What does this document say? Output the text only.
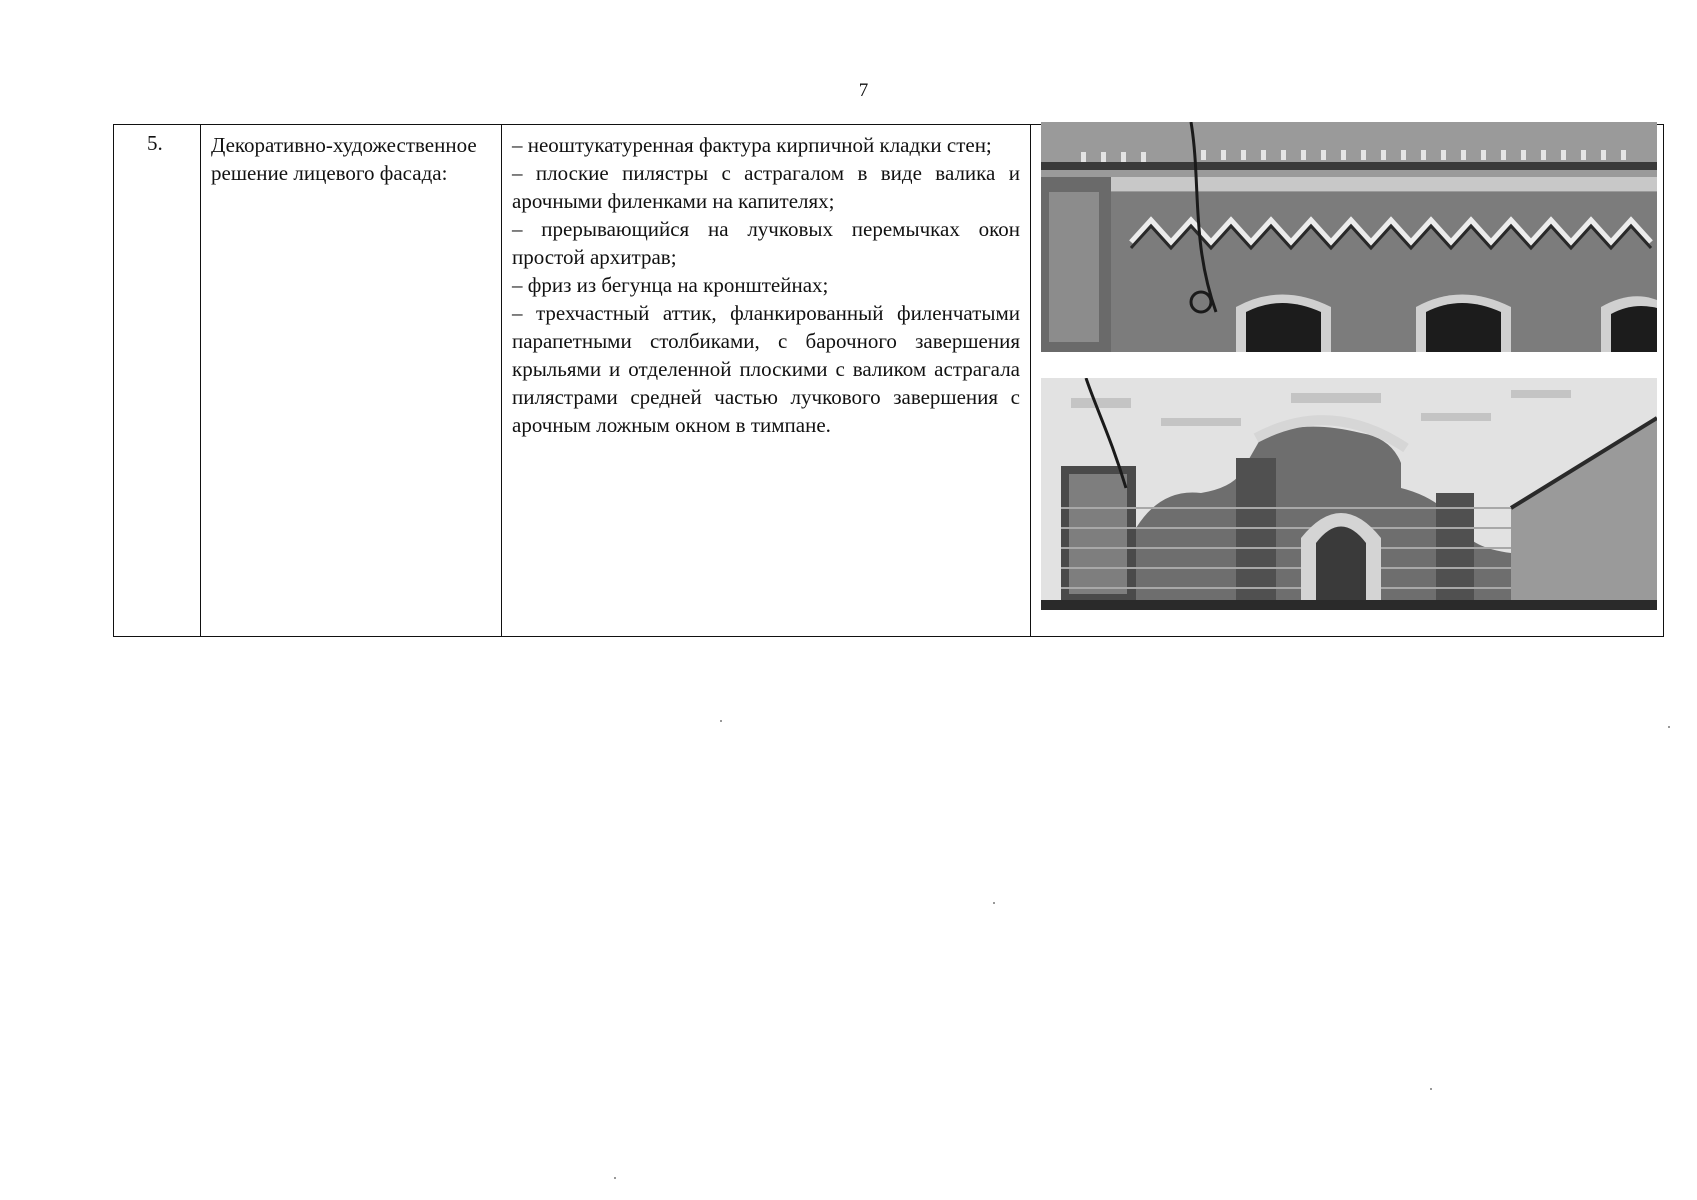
7
5. Декоративно-художественное решение лицевого фасада:
– неоштукатуренная фактура кирпичной кладки стен;
– плоские пилястры с астрагалом в виде валика и арочными филенками на капителях;
– прерывающийся на лучковых перемычках окон простой архитрав;
– фриз из бегунца на кронштейнах;
– трехчастный аттик, фланкированный филенчатыми парапетными столбиками, с барочного завершения крыльями и отделенной плоскими с валиком астрагала пилястрами средней частью лучкового завершения с арочным ложным окном в тимпане.
